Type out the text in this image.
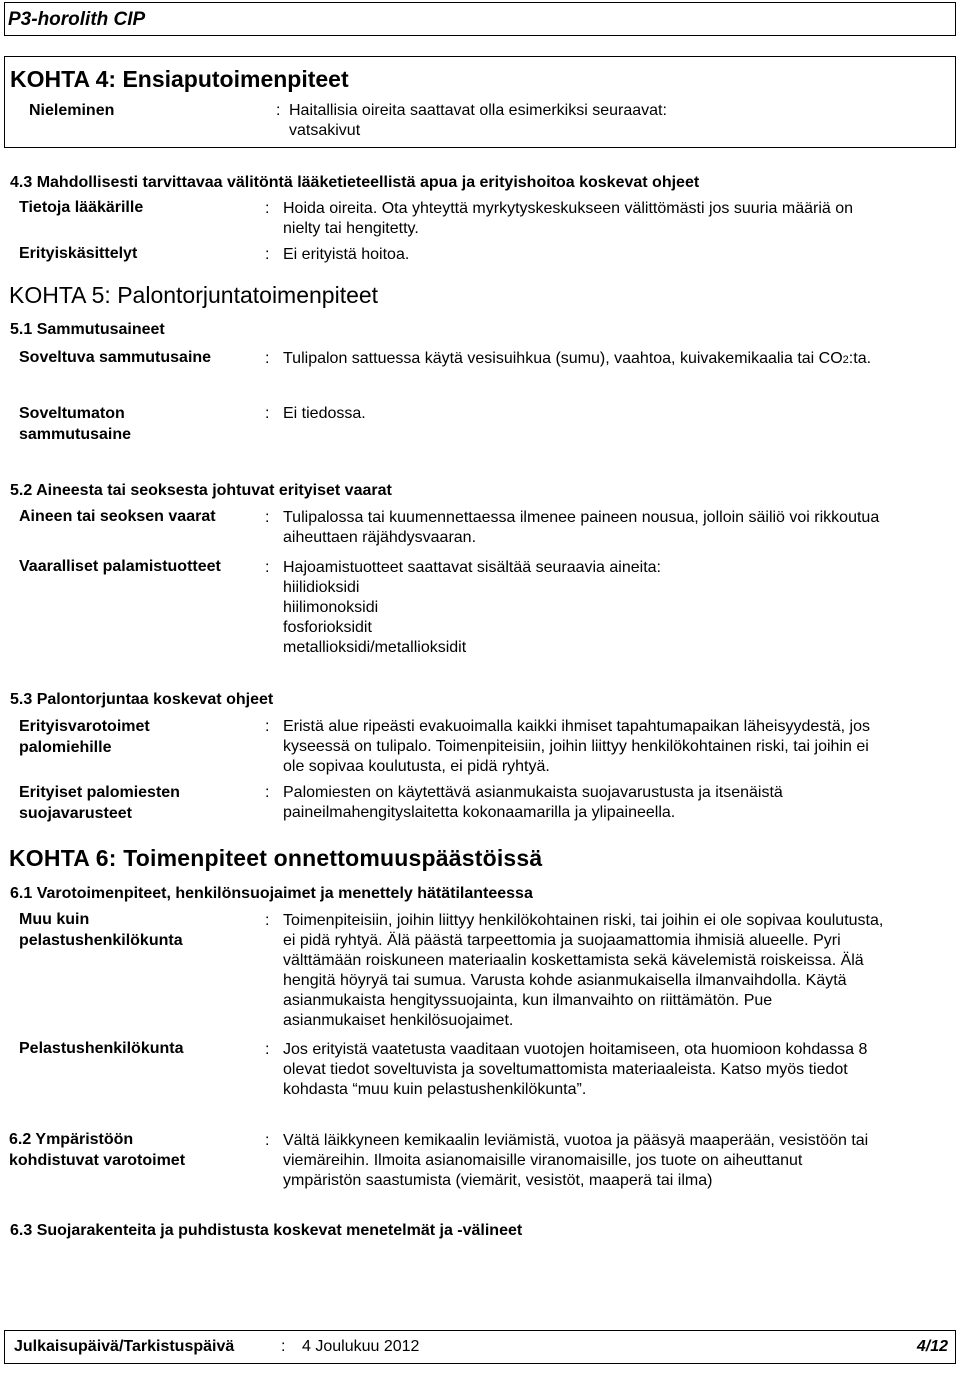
P3-horolith CIP
KOHTA 4: Ensiaputoimenpiteet
Nieleminen	: Haitallisia oireita saattavat olla esimerkiksi seuraavat:
vatsakivut
4.3 Mahdollisesti tarvittavaa välitöntä lääketieteellistä apua ja erityishoitoa koskevat ohjeet
Tietoja lääkärille	: Hoida oireita. Ota yhteyttä myrkytyskeskukseen välittömästi jos suuria määriä on
nielty tai hengitetty.
Erityiskäsittelyt	: Ei erityistä hoitoa.
KOHTA 5: Palontorjuntatoimenpiteet
5.1 Sammutusaineet
Soveltuva sammutusaine	: Tulipalon sattuessa käytä vesisuihkua (sumu), vaahtoa, kuivakemikaalia tai CO2:ta.
Soveltumaton
sammutusaine
: Ei tiedossa.
5.2 Aineesta tai seoksesta johtuvat erityiset vaarat
Aineen tai seoksen vaarat	: Tulipalossa tai kuumennettaessa ilmenee paineen nousua, jolloin säiliö voi rikkoutua
aiheuttaen räjähdysvaaran.
Vaaralliset palamistuotteet	: Hajoamistuotteet saattavat sisältää seuraavia aineita:
hiilidioksidi
hiilimonoksidi
fosforioksidit
metallioksidi/metallioksidit
5.3 Palontorjuntaa koskevat ohjeet
Erityisvarotoimet
palomiehille
: Eristä alue ripeästi evakuoimalla kaikki ihmiset tapahtumapaikan läheisyydestä, jos
kyseessä on tulipalo. Toimenpiteisiin, joihin liittyy henkilökohtainen riski, tai joihin ei
ole sopivaa koulutusta, ei pidä ryhtyä.
Erityiset palomiesten
suojavarusteet
: Palomiesten on käytettävä asianmukaista suojavarustusta ja itsenäistä
paineilmahengityslaitetta kokonaamarilla ja ylipaineella.
KOHTA 6: Toimenpiteet onnettomuuspäästöissä
6.1 Varotoimenpiteet, henkilönsuojaimet ja menettely hätätilanteessa
Muu kuin
pelastushenkilökunta
: Toimenpiteisiin, joihin liittyy henkilökohtainen riski, tai joihin ei ole sopivaa koulutusta,
ei pidä ryhtyä. Älä päästä tarpeettomia ja suojaamattomia ihmisiä alueelle. Pyri
välttämään roiskuneen materiaalin koskettamista sekä kävelemistä roiskeissa. Älä
hengitä höyryä tai sumua. Varusta kohde asianmukaisella ilmanvaihdolla. Käytä
asianmukaista hengityssuojainta, kun ilmanvaihto on riittämätön. Pue
asianmukaiset henkilösuojaimet.
Pelastushenkilökunta	: Jos erityistä vaatetusta vaaditaan vuotojen hoitamiseen, ota huomioon kohdassa 8
olevat tiedot soveltuvista ja soveltumattomista materiaaleista. Katso myös tiedot
kohdasta “muu kuin pelastushenkilökunta”.
6.2 Ympäristöön
kohdistuvat varotoimet
: Vältä läikkyneen kemikaalin leviämistä, vuotoa ja pääsyä maaperään, vesistöön tai
viemäreihin. Ilmoita asianomaisille viranomaisille, jos tuote on aiheuttanut
ympäristön saastumista (viemärit, vesistöt, maaperä tai ilma)
6.3 Suojarakenteita ja puhdistusta koskevat menetelmät ja -välineet
Julkaisupäivä/Tarkistuspäivä	: 4 Joulukuu 2012	4/12
